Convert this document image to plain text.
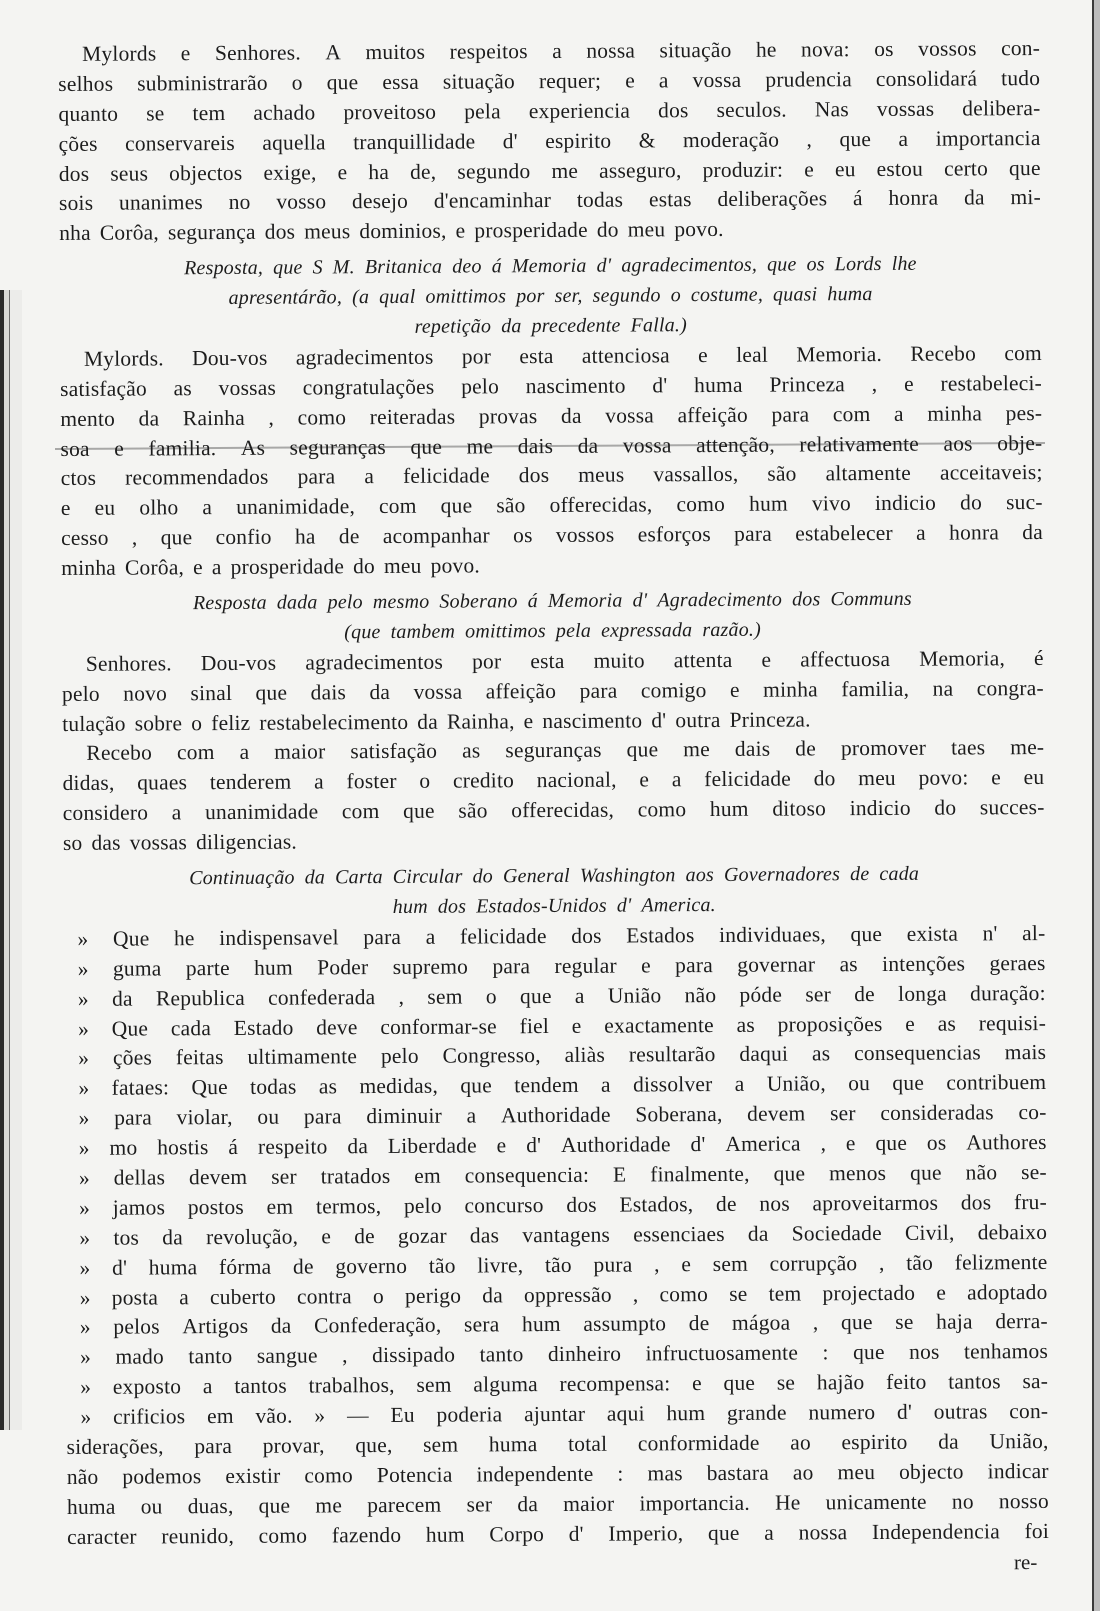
Mylords e Senhores. A muitos respeitos a nossa situação he nova: os vossos con-
selhos subministrarão o que essa situação requer; e a vossa prudencia consolidará tudo
quanto se tem achado proveitoso pela experiencia dos seculos. Nas vossas delibera-
ções conservareis aquella tranquillidade d' espirito & moderação , que a importancia
dos seus objectos exige, e ha de, segundo me asseguro, produzir: e eu estou certo que
sois unanimes no vosso desejo d'encaminhar todas estas deliberações á honra da mi-
nha Corôa, segurança dos meus dominios, e prosperidade do meu povo.
Resposta, que S M. Britanica deo á Memoria d' agradecimentos, que os Lords lhe
apresentárão, (a qual omittimos por ser, segundo o costume, quasi huma
repetição da precedente Falla.)
Mylords. Dou-vos agradecimentos por esta attenciosa e leal Memoria. Recebo com
satisfação as vossas congratulações pelo nascimento d' huma Princeza , e restabeleci-
mento da Rainha , como reiteradas provas da vossa affeição para com a minha pes-
soa e familia. As seguranças que me dais da vossa attenção, relativamente aos obje-
ctos recommendados para a felicidade dos meus vassallos, são altamente acceitaveis;
e eu olho a unanimidade, com que são offerecidas, como hum vivo indicio do suc-
cesso , que confio ha de acompanhar os vossos esforços para estabelecer a honra da
minha Corôa, e a prosperidade do meu povo.
Resposta dada pelo mesmo Soberano á Memoria d' Agradecimento dos Communs
(que tambem omittimos pela expressada razão.)
Senhores. Dou-vos agradecimentos por esta muito attenta e affectuosa Memoria, é
pelo novo sinal que dais da vossa affeição para comigo e minha familia, na congra-
tulação sobre o feliz restabelecimento da Rainha, e nascimento d' outra Princeza.
Recebo com a maior satisfação as seguranças que me dais de promover taes me-
didas, quaes tenderem a foster o credito nacional, e a felicidade do meu povo: e eu
considero a unanimidade com que são offerecidas, como hum ditoso indicio do succes-
so das vossas diligencias.
Continuação da Carta Circular do General Washington aos Governadores de cada
hum dos Estados-Unidos d' America.
» Que he indispensavel para a felicidade dos Estados individuaes, que exista n' al-
» guma parte hum Poder supremo para regular e para governar as intenções geraes
» da Republica confederada , sem o que a União não póde ser de longa duração:
» Que cada Estado deve conformar-se fiel e exactamente as proposições e as requisi-
» ções feitas ultimamente pelo Congresso, aliàs resultarão daqui as consequencias mais
» fataes: Que todas as medidas, que tendem a dissolver a União, ou que contribuem
» para violar, ou para diminuir a Authoridade Soberana, devem ser consideradas co-
» mo hostis á respeito da Liberdade e d' Authoridade d' America , e que os Authores
» dellas devem ser tratados em consequencia: E finalmente, que menos que não se-
» jamos postos em termos, pelo concurso dos Estados, de nos aproveitarmos dos fru-
» tos da revolução, e de gozar das vantagens essenciaes da Sociedade Civil, debaixo
» d' huma fórma de governo tão livre, tão pura , e sem corrupção , tão felizmente
» posta a cuberto contra o perigo da oppressão , como se tem projectado e adoptado
» pelos Artigos da Confederação, sera hum assumpto de mágoa , que se haja derra-
» mado tanto sangue , dissipado tanto dinheiro infructuosamente : que nos tenhamos
» exposto a tantos trabalhos, sem alguma recompensa: e que se hajão feito tantos sa-
» crificios em vão. » — Eu poderia ajuntar aqui hum grande numero d' outras con-
siderações, para provar, que, sem huma total conformidade ao espirito da União,
não podemos existir como Potencia independente : mas bastara ao meu objecto indicar
huma ou duas, que me parecem ser da maior importancia. He unicamente no nosso
caracter reunido, como fazendo hum Corpo d' Imperio, que a nossa Independencia foi
re-
